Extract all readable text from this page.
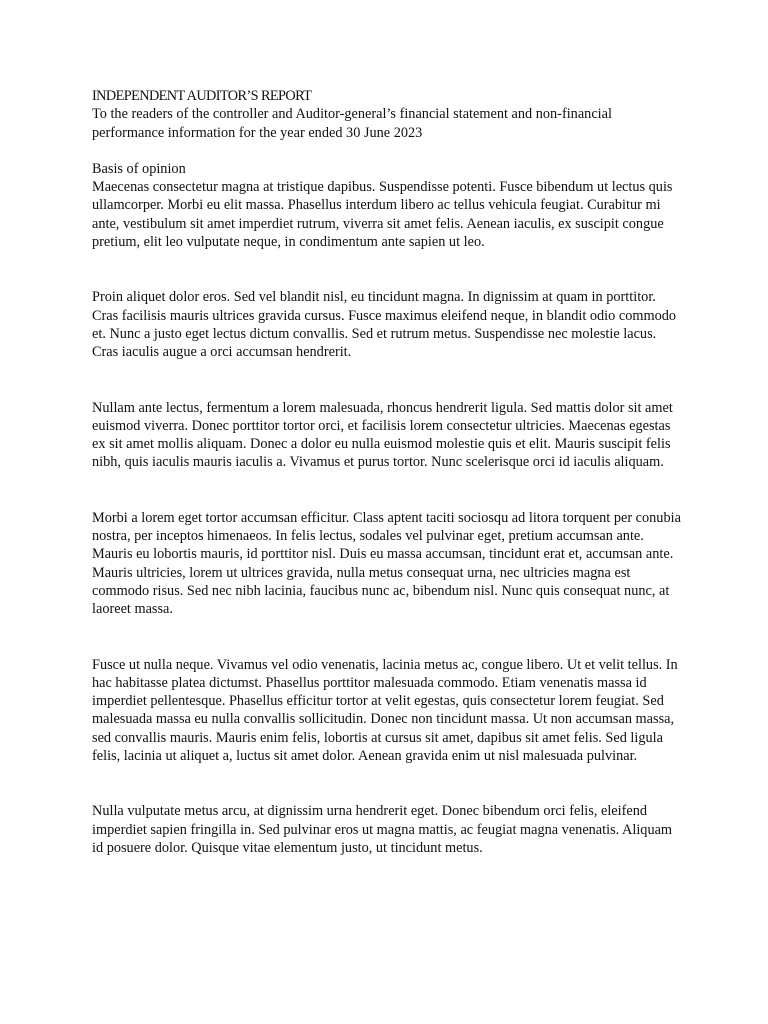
INDEPENDENT AUDITOR’S REPORT

To the readers of the controller and Auditor-general’s financial statement and non-financial performance information for the year ended 30 June 2023

Basis of opinion

Maecenas consectetur magna at tristique dapibus. Suspendisse potenti. Fusce bibendum ut lectus quis ullamcorper. Morbi eu elit massa. Phasellus interdum libero ac tellus vehicula feugiat. Curabitur mi ante, vestibulum sit amet imperdiet rutrum, viverra sit amet felis. Aenean iaculis, ex suscipit congue pretium, elit leo vulputate neque, in condimentum ante sapien ut leo.

Proin aliquet dolor eros. Sed vel blandit nisl, eu tincidunt magna. In dignissim at quam in porttitor. Cras facilisis mauris ultrices gravida cursus. Fusce maximus eleifend neque, in blandit odio commodo et. Nunc a justo eget lectus dictum convallis. Sed et rutrum metus. Suspendisse nec molestie lacus. Cras iaculis augue a orci accumsan hendrerit.

Nullam ante lectus, fermentum a lorem malesuada, rhoncus hendrerit ligula. Sed mattis dolor sit amet euismod viverra. Donec porttitor tortor orci, et facilisis lorem consectetur ultricies. Maecenas egestas ex sit amet mollis aliquam. Donec a dolor eu nulla euismod molestie quis et elit. Mauris suscipit felis nibh, quis iaculis mauris iaculis a. Vivamus et purus tortor. Nunc scelerisque orci id iaculis aliquam.

Morbi a lorem eget tortor accumsan efficitur. Class aptent taciti sociosqu ad litora torquent per conubia nostra, per inceptos himenaeos. In felis lectus, sodales vel pulvinar eget, pretium accumsan ante. Mauris eu lobortis mauris, id porttitor nisl. Duis eu massa accumsan, tincidunt erat et, accumsan ante. Mauris ultricies, lorem ut ultrices gravida, nulla metus consequat urna, nec ultricies magna est commodo risus. Sed nec nibh lacinia, faucibus nunc ac, bibendum nisl. Nunc quis consequat nunc, at laoreet massa.

Fusce ut nulla neque. Vivamus vel odio venenatis, lacinia metus ac, congue libero. Ut et velit tellus. In hac habitasse platea dictumst. Phasellus porttitor malesuada commodo. Etiam venenatis massa id imperdiet pellentesque. Phasellus efficitur tortor at velit egestas, quis consectetur lorem feugiat. Sed malesuada massa eu nulla convallis sollicitudin. Donec non tincidunt massa. Ut non accumsan massa, sed convallis mauris. Mauris enim felis, lobortis at cursus sit amet, dapibus sit amet felis. Sed ligula felis, lacinia ut aliquet a, luctus sit amet dolor. Aenean gravida enim ut nisl malesuada pulvinar.

Nulla vulputate metus arcu, at dignissim urna hendrerit eget. Donec bibendum orci felis, eleifend imperdiet sapien fringilla in. Sed pulvinar eros ut magna mattis, ac feugiat magna venenatis. Aliquam id posuere dolor. Quisque vitae elementum justo, ut tincidunt metus.
